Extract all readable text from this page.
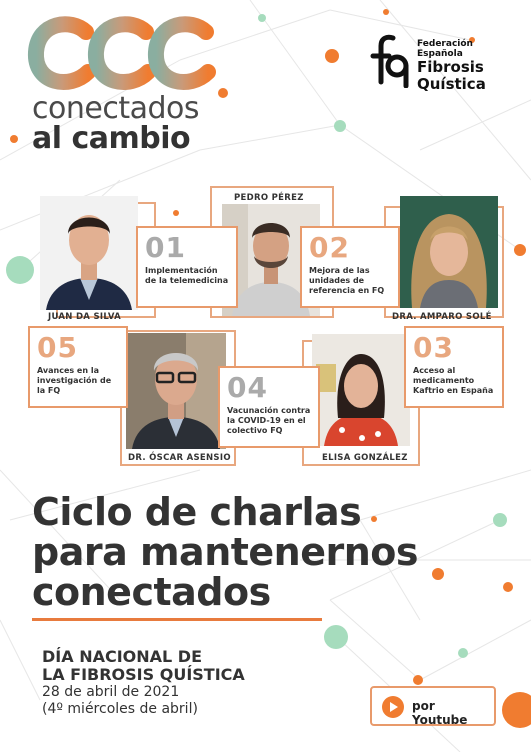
conectados
al cambio
Federación Española
Fibrosis
Quística
JUAN DA SILVA
PEDRO PÉREZ
DRA. AMPARO SOLÉ
DR. ÓSCAR ASENSIO	ELISA GONZÁLEZ
01
Implementación de la telemedicina
02
Mejora de las unidades de referencia en FQ
05
Avances en la investigación de la FQ	04
Vacunación contra la COVID-19 en el colectivo FQ
03
Acceso al medicamento Kaftrio en España
Ciclo de charlas
para mantenernos
conectados
DÍA NACIONAL DE
LA FIBROSIS QUÍSTICA
28 de abril de 2021
(4º miércoles de abril)	por Youtube
